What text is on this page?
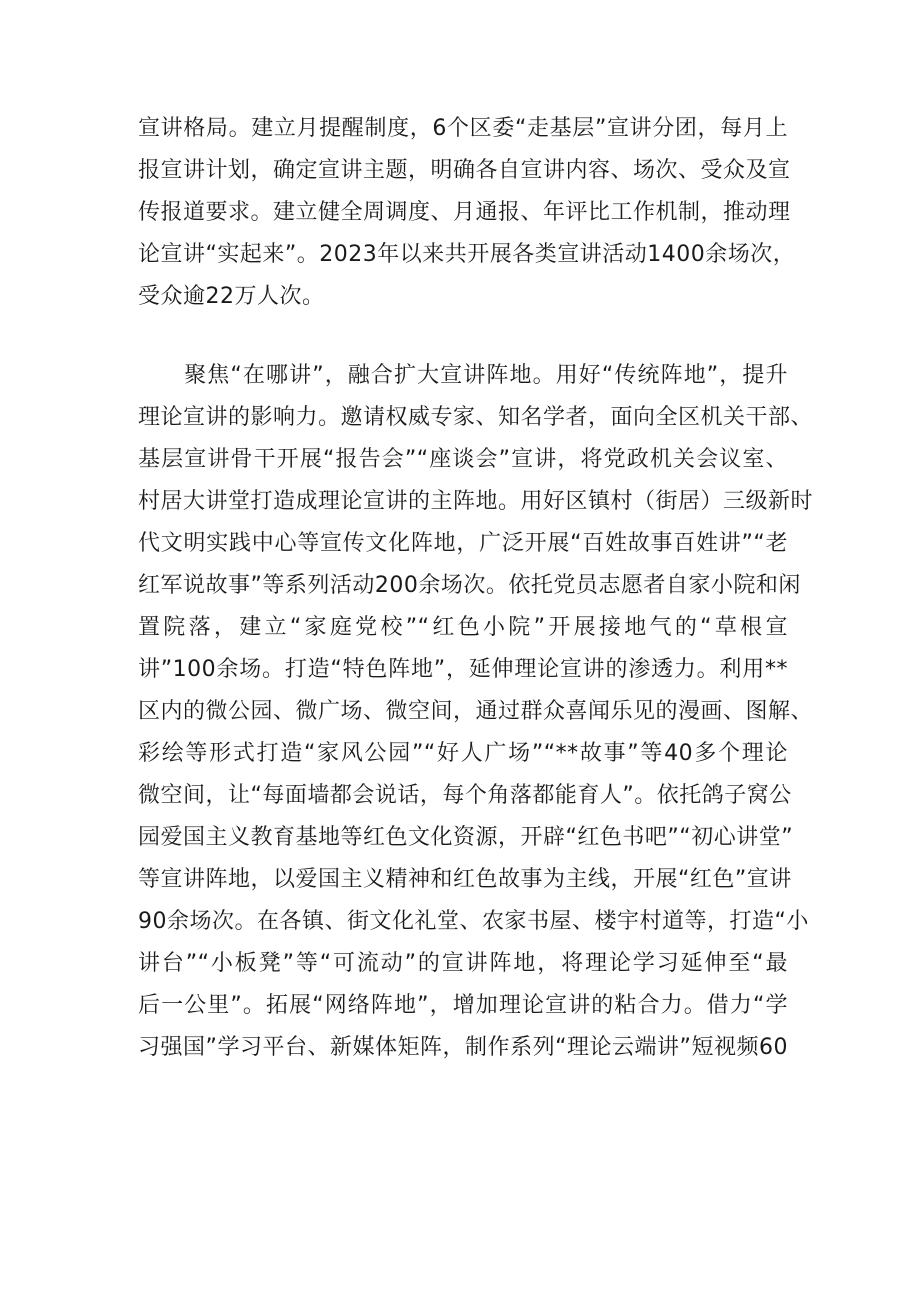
宣讲格局。建立月提醒制度，6个区委“走基层”宣讲分团，每月上
报宣讲计划，确定宣讲主题，明确各自宣讲内容、场次、受众及宣
传报道要求。建立健全周调度、月通报、年评比工作机制，推动理
论宣讲“实起来”。2023年以来共开展各类宣讲活动1400余场次，
受众逾22万人次。
　　聚焦“在哪讲”，融合扩大宣讲阵地。用好“传统阵地”，提升
理论宣讲的影响力。邀请权威专家、知名学者，面向全区机关干部、
基层宣讲骨干开展“报告会”“座谈会”宣讲，将党政机关会议室、
村居大讲堂打造成理论宣讲的主阵地。用好区镇村（街居）三级新时
代文明实践中心等宣传文化阵地，广泛开展“百姓故事百姓讲”“老
红军说故事”等系列活动200余场次。依托党员志愿者自家小院和闲
置院落，建立“家庭党校”“红色小院”开展接地气的“草根宣
讲”100余场。打造“特色阵地”，延伸理论宣讲的渗透力。利用**
区内的微公园、微广场、微空间，通过群众喜闻乐见的漫画、图解、
彩绘等形式打造“家风公园”“好人广场”“**故事”等40多个理论
微空间，让“每面墙都会说话，每个角落都能育人”。依托鸽子窝公
园爱国主义教育基地等红色文化资源，开辟“红色书吧”“初心讲堂”
等宣讲阵地，以爱国主义精神和红色故事为主线，开展“红色”宣讲
90余场次。在各镇、街文化礼堂、农家书屋、楼宇村道等，打造“小
讲台”“小板凳”等“可流动”的宣讲阵地，将理论学习延伸至“最
后一公里”。拓展“网络阵地”，增加理论宣讲的粘合力。借力“学
习强国”学习平台、新媒体矩阵，制作系列“理论云端讲”短视频60
